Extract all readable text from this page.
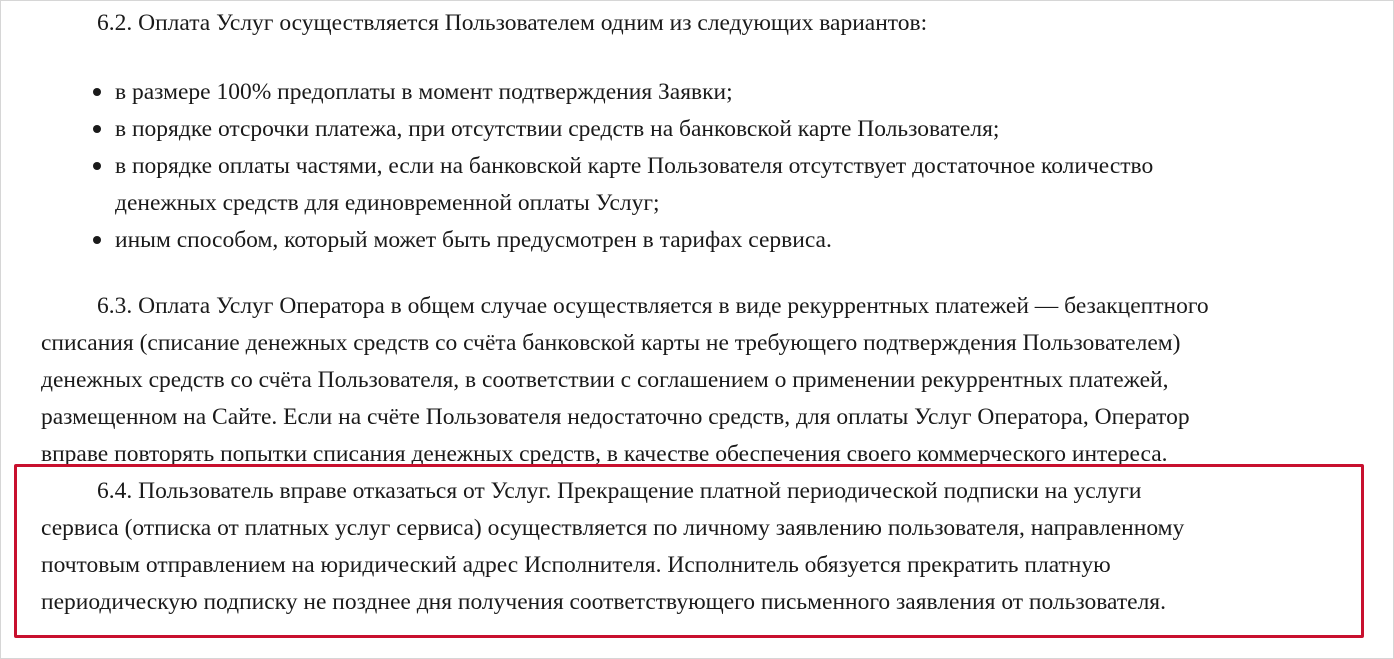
6.2. Оплата Услуг осуществляется Пользователем одним из следующих вариантов:
в размере 100% предоплаты в момент подтверждения Заявки;
в порядке отсрочки платежа, при отсутствии средств на банковской карте Пользователя;
в порядке оплаты частями, если на банковской карте Пользователя отсутствует достаточное количество
денежных средств для единовременной оплаты Услуг;
иным способом, который может быть предусмотрен в тарифах сервиса.
6.3. Оплата Услуг Оператора в общем случае осуществляется в виде рекуррентных платежей — безакцептного
списания (списание денежных средств со счёта банковской карты не требующего подтверждения Пользователем)
денежных средств со счёта Пользователя, в соответствии с соглашением о применении рекуррентных платежей,
размещенном на Сайте. Если на счёте Пользователя недостаточно средств, для оплаты Услуг Оператора, Оператор
вправе повторять попытки списания денежных средств, в качестве обеспечения своего коммерческого интереса.
6.4. Пользователь вправе отказаться от Услуг. Прекращение платной периодической подписки на услуги
сервиса (отписка от платных услуг сервиса) осуществляется по личному заявлению пользователя, направленному
почтовым отправлением на юридический адрес Исполнителя. Исполнитель обязуется прекратить платную
периодическую подписку не позднее дня получения соответствующего письменного заявления от пользователя.
